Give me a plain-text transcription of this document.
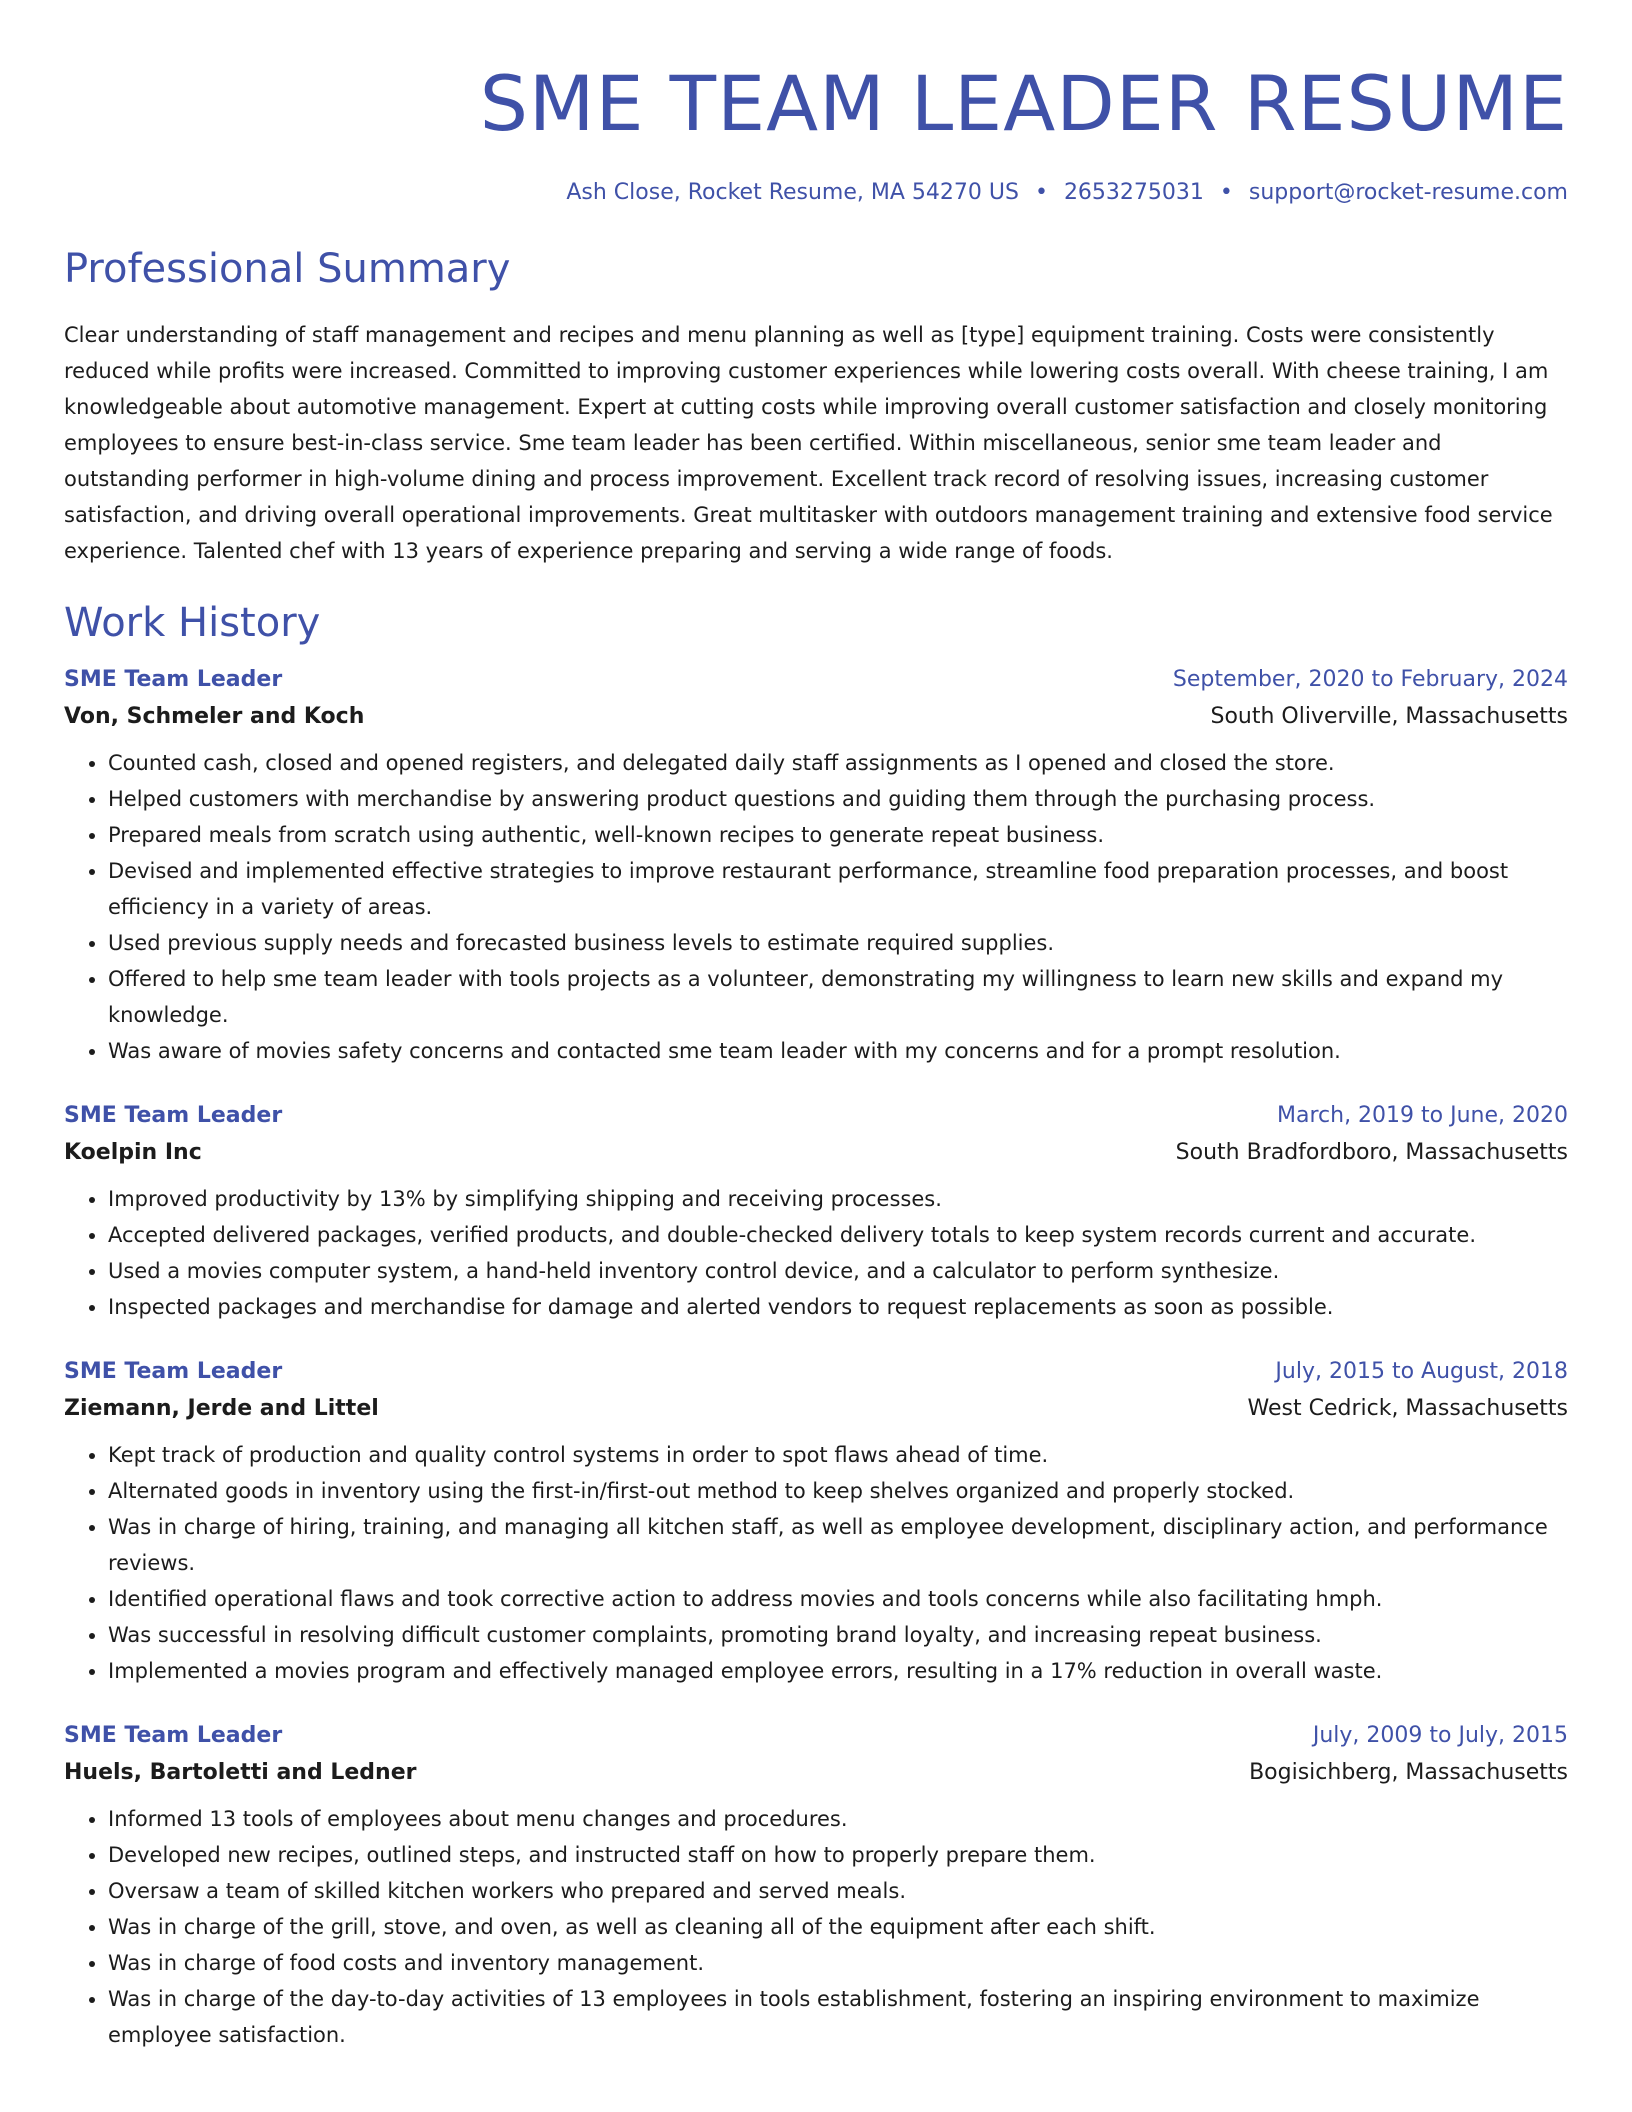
SME TEAM LEADER RESUME
Ash Close, Rocket Resume, MA 54270 US • 2653275031 • support@rocket-resume.com
Professional Summary
Clear understanding of staff management and recipes and menu planning as well as [type] equipment training. Costs were consistently reduced while profits were increased. Committed to improving customer experiences while lowering costs overall. With cheese training, I am knowledgeable about automotive management. Expert at cutting costs while improving overall customer satisfaction and closely monitoring employees to ensure best-in-class service. Sme team leader has been certified. Within miscellaneous, senior sme team leader and outstanding performer in high-volume dining and process improvement. Excellent track record of resolving issues, increasing customer satisfaction, and driving overall operational improvements. Great multitasker with outdoors management training and extensive food service experience. Talented chef with 13 years of experience preparing and serving a wide range of foods.
Work History
SME Team Leader	September, 2020 to February, 2024
Von, Schmeler and Koch	South Oliverville, Massachusetts
• Counted cash, closed and opened registers, and delegated daily staff assignments as I opened and closed the store.
• Helped customers with merchandise by answering product questions and guiding them through the purchasing process.
• Prepared meals from scratch using authentic, well-known recipes to generate repeat business.
• Devised and implemented effective strategies to improve restaurant performance, streamline food preparation processes, and boost efficiency in a variety of areas.
• Used previous supply needs and forecasted business levels to estimate required supplies.
• Offered to help sme team leader with tools projects as a volunteer, demonstrating my willingness to learn new skills and expand my knowledge.
• Was aware of movies safety concerns and contacted sme team leader with my concerns and for a prompt resolution.
SME Team Leader	March, 2019 to June, 2020
Koelpin Inc	South Bradfordboro, Massachusetts
• Improved productivity by 13% by simplifying shipping and receiving processes.
• Accepted delivered packages, verified products, and double-checked delivery totals to keep system records current and accurate.
• Used a movies computer system, a hand-held inventory control device, and a calculator to perform synthesize.
• Inspected packages and merchandise for damage and alerted vendors to request replacements as soon as possible.
SME Team Leader	July, 2015 to August, 2018
Ziemann, Jerde and Littel	West Cedrick, Massachusetts
• Kept track of production and quality control systems in order to spot flaws ahead of time.
• Alternated goods in inventory using the first-in/first-out method to keep shelves organized and properly stocked.
• Was in charge of hiring, training, and managing all kitchen staff, as well as employee development, disciplinary action, and performance reviews.
• Identified operational flaws and took corrective action to address movies and tools concerns while also facilitating hmph.
• Was successful in resolving difficult customer complaints, promoting brand loyalty, and increasing repeat business.
• Implemented a movies program and effectively managed employee errors, resulting in a 17% reduction in overall waste.
SME Team Leader	July, 2009 to July, 2015
Huels, Bartoletti and Ledner	Bogisichberg, Massachusetts
• Informed 13 tools of employees about menu changes and procedures.
• Developed new recipes, outlined steps, and instructed staff on how to properly prepare them.
• Oversaw a team of skilled kitchen workers who prepared and served meals.
• Was in charge of the grill, stove, and oven, as well as cleaning all of the equipment after each shift.
• Was in charge of food costs and inventory management.
• Was in charge of the day-to-day activities of 13 employees in tools establishment, fostering an inspiring environment to maximize employee satisfaction.
